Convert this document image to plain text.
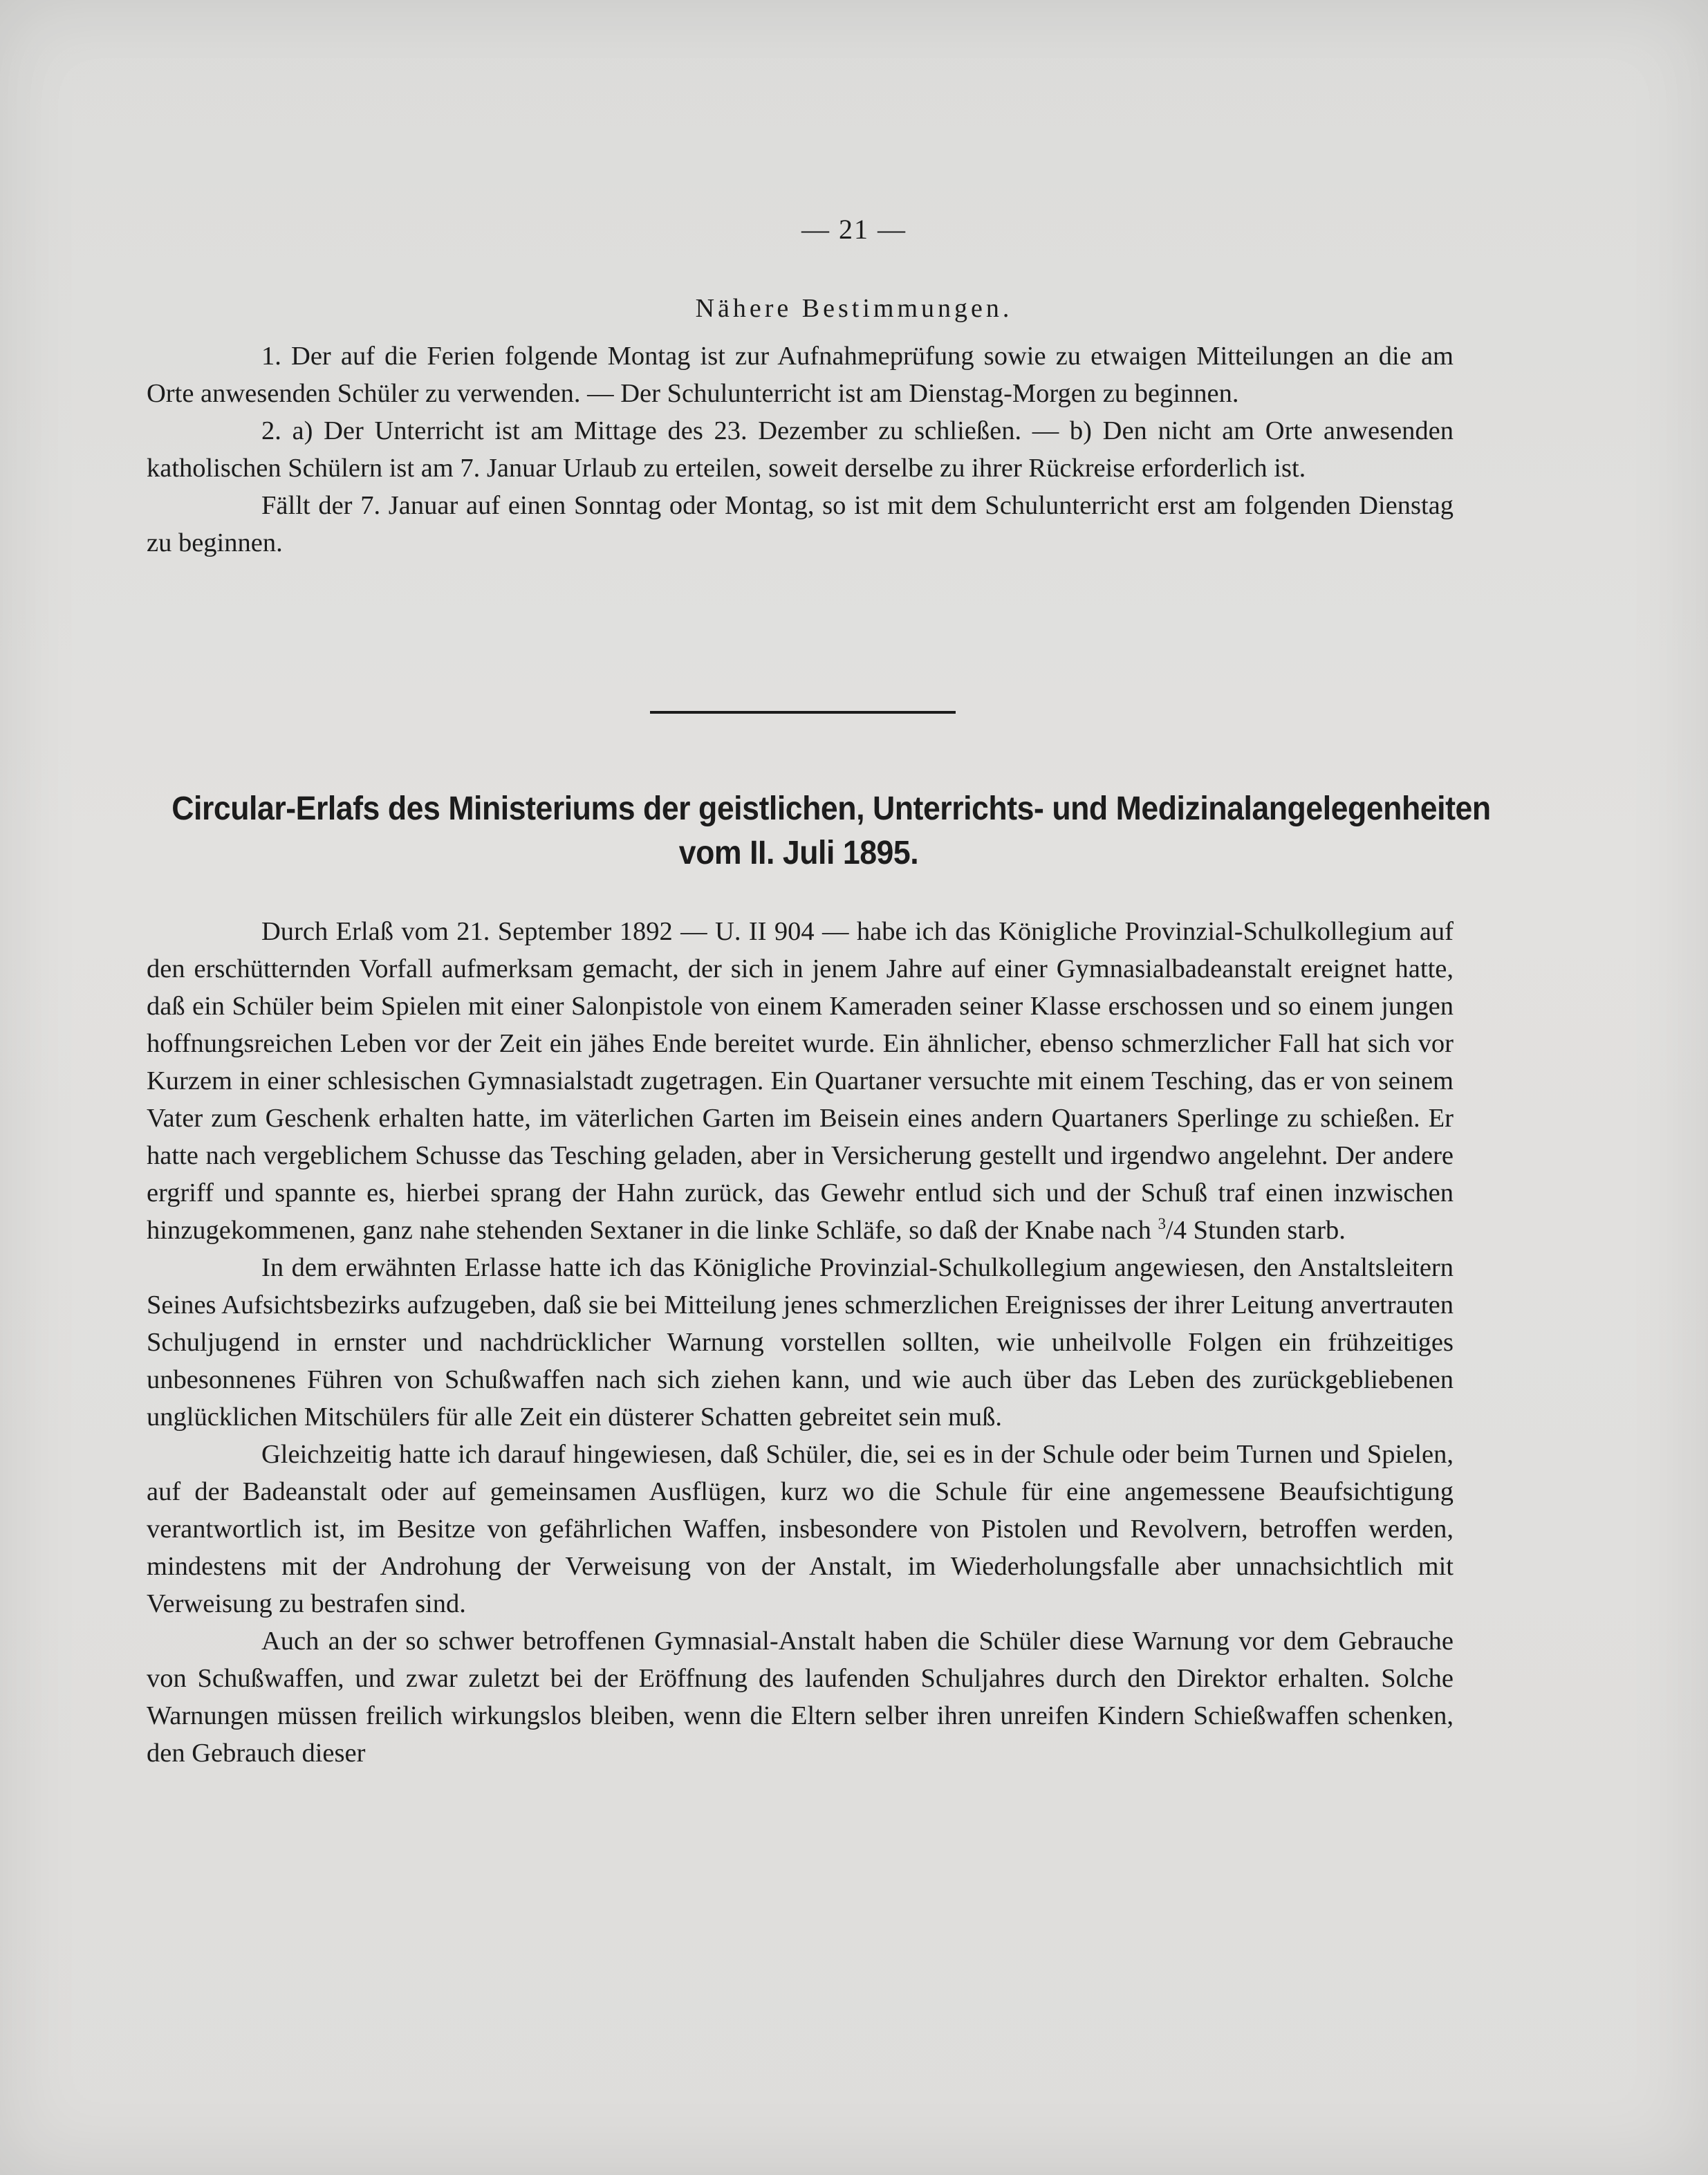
— 21 —
Nähere Bestimmungen.

1. Der auf die Ferien folgende Montag ist zur Aufnahmeprüfung sowie zu etwaigen Mitteilungen an die am Orte anwesenden Schüler zu verwenden. — Der Schulunterricht ist am Dienstag-Morgen zu beginnen.

2. a) Der Unterricht ist am Mittage des 23. Dezember zu schließen. — b) Den nicht am Orte anwesenden katholischen Schülern ist am 7. Januar Urlaub zu erteilen, soweit derselbe zu ihrer Rückreise erforderlich ist.

Fällt der 7. Januar auf einen Sonntag oder Montag, so ist mit dem Schulunterricht erst am folgenden Dienstag zu beginnen.

Circular-Erlafs des Ministeriums der geistlichen, Unterrichts- und Medizinalangelegenheiten
vom II. Juli 1895.

Durch Erlaß vom 21. September 1892 — U. II 904 — habe ich das Königliche Provinzial-Schulkollegium auf den erschütternden Vorfall aufmerksam gemacht, der sich in jenem Jahre auf einer Gymnasialbadeanstalt ereignet hatte, daß ein Schüler beim Spielen mit einer Salonpistole von einem Kameraden seiner Klasse erschossen und so einem jungen hoffnungsreichen Leben vor der Zeit ein jähes Ende bereitet wurde. Ein ähnlicher, ebenso schmerzlicher Fall hat sich vor Kurzem in einer schlesischen Gymnasialstadt zugetragen. Ein Quartaner versuchte mit einem Tesching, das er von seinem Vater zum Geschenk erhalten hatte, im väterlichen Garten im Beisein eines andern Quartaners Sperlinge zu schießen. Er hatte nach vergeblichem Schusse das Tesching geladen, aber in Versicherung gestellt und irgendwo angelehnt. Der andere ergriff und spannte es, hierbei sprang der Hahn zurück, das Gewehr entlud sich und der Schuß traf einen inzwischen hinzugekommenen, ganz nahe stehenden Sextaner in die linke Schläfe, so daß der Knabe nach $^3$/4 Stunden starb.

In dem erwähnten Erlasse hatte ich das Königliche Provinzial-Schulkollegium angewiesen, den Anstaltsleitern Seines Aufsichtsbezirks aufzugeben, daß sie bei Mitteilung jenes schmerzlichen Ereignisses der ihrer Leitung anvertrauten Schuljugend in ernster und nachdrücklicher Warnung vorstellen sollten, wie unheilvolle Folgen ein frühzeitiges unbesonnenes Führen von Schußwaffen nach sich ziehen kann, und wie auch über das Leben des zurückgebliebenen unglücklichen Mitschülers für alle Zeit ein düsterer Schatten gebreitet sein muß.

Gleichzeitig hatte ich darauf hingewiesen, daß Schüler, die, sei es in der Schule oder beim Turnen und Spielen, auf der Badeanstalt oder auf gemeinsamen Ausflügen, kurz wo die Schule für eine angemessene Beaufsichtigung verantwortlich ist, im Besitze von gefährlichen Waffen, insbesondere von Pistolen und Revolvern, betroffen werden, mindestens mit der Androhung der Verweisung von der Anstalt, im Wiederholungsfalle aber unnachsichtlich mit Verweisung zu bestrafen sind.

Auch an der so schwer betroffenen Gymnasial-Anstalt haben die Schüler diese Warnung vor dem Gebrauche von Schußwaffen, und zwar zuletzt bei der Eröffnung des laufenden Schuljahres durch den Direktor erhalten. Solche Warnungen müssen freilich wirkungslos bleiben, wenn die Eltern selber ihren unreifen Kindern Schießwaffen schenken, den Gebrauch dieser
